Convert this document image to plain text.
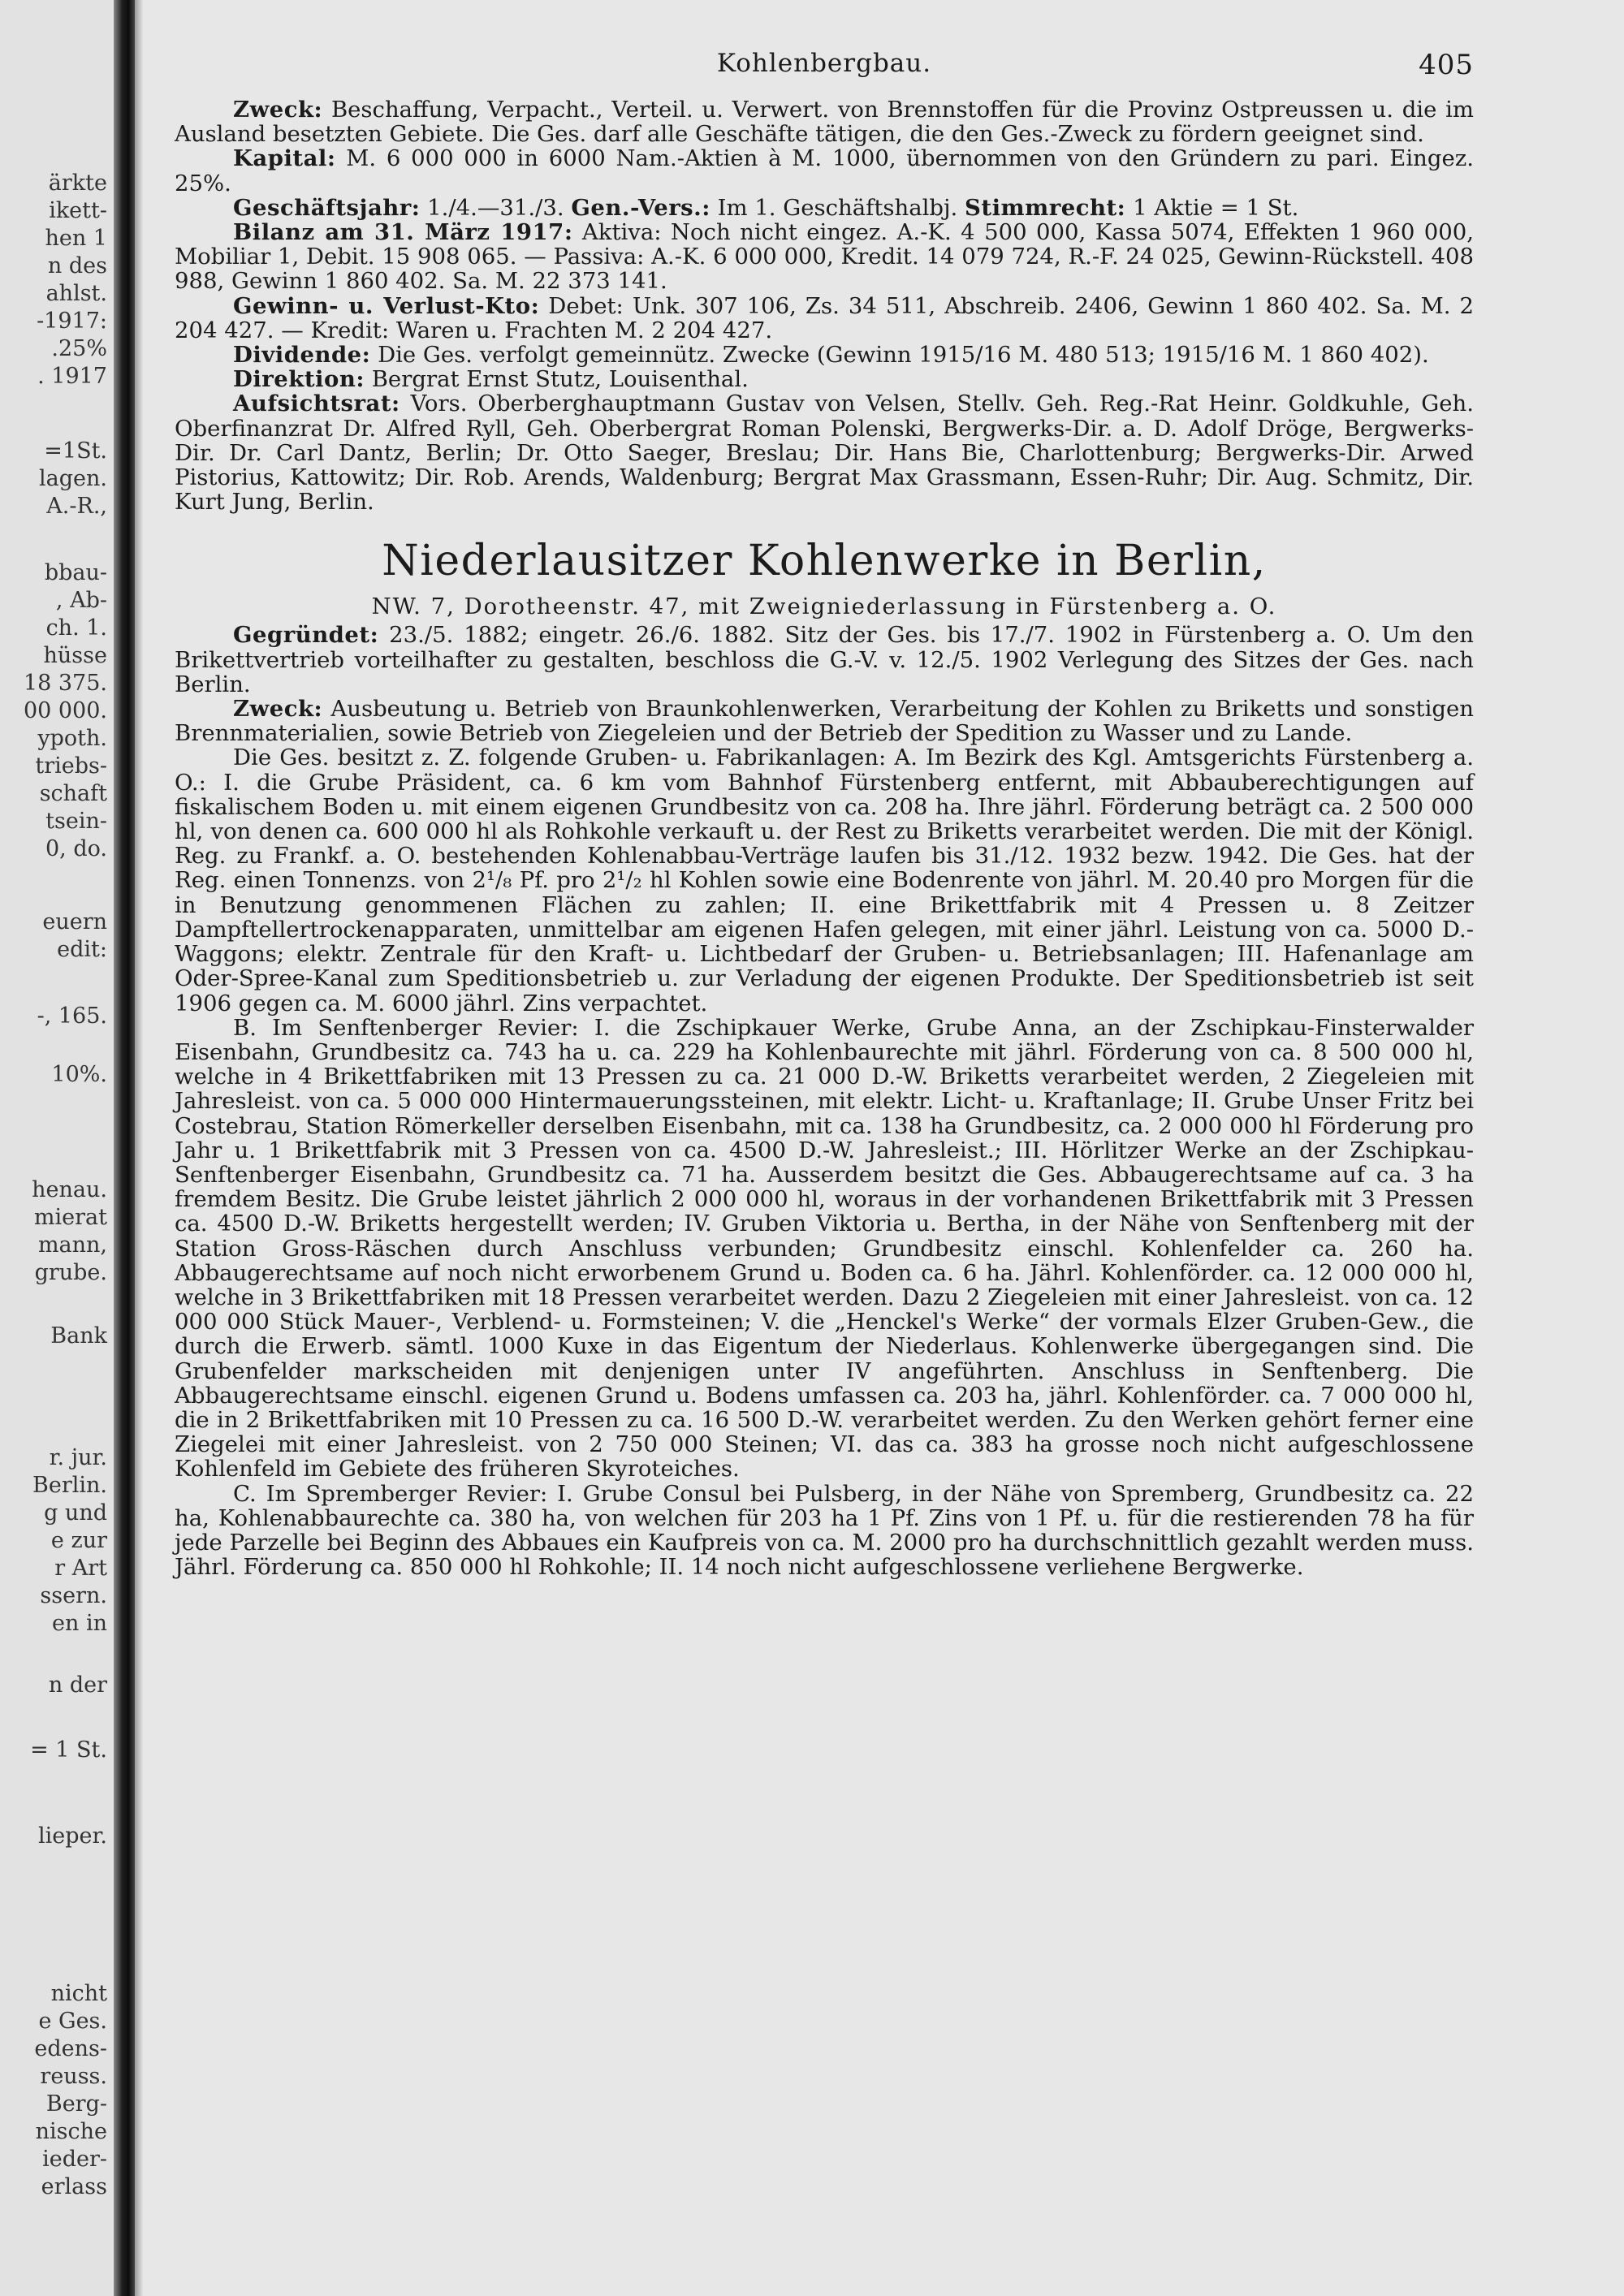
ärkte
ikett-
hen 1
n des
ahlst.
-1917:
.25%
. 1917
=1St.
lagen.
A.-R.,
bbau-
, Ab-
ch. 1.
hüsse
18 375.
00 000.
ypoth.
triebs-
schaft
tsein-
0, do.
euern
edit:
-, 165.
10%.
henau.
mierat
mann,
grube.
Bank
r. jur.
Berlin.
g und
e zur
r Art
ssern.
en in
n der
= 1 St.
lieper.
nicht
e Ges.
edens-
reuss.
Berg-
nische
ieder-
erlass
Kohlenbergbau.	405

Zweck: Beschaffung, Verpacht., Verteil. u. Verwert. von Brennstoffen für die Provinz Ostpreussen u. die im Ausland besetzten Gebiete. Die Ges. darf alle Geschäfte tätigen, die den Ges.-Zweck zu fördern geeignet sind.

Kapital: M. 6 000 000 in 6000 Nam.-Aktien à M. 1000, übernommen von den Gründern zu pari. Eingez. 25%.

Geschäftsjahr: 1./4.—31./3. Gen.-Vers.: Im 1. Geschäftshalbj. Stimmrecht: 1 Aktie = 1 St.

Bilanz am 31. März 1917: Aktiva: Noch nicht eingez. A.-K. 4 500 000, Kassa 5074, Effekten 1 960 000, Mobiliar 1, Debit. 15 908 065. — Passiva: A.-K. 6 000 000, Kredit. 14 079 724, R.-F. 24 025, Gewinn-Rückstell. 408 988, Gewinn 1 860 402. Sa. M. 22 373 141.

Gewinn- u. Verlust-Kto: Debet: Unk. 307 106, Zs. 34 511, Abschreib. 2406, Gewinn 1 860 402. Sa. M. 2 204 427. — Kredit: Waren u. Frachten M. 2 204 427.

Dividende: Die Ges. verfolgt gemeinnütz. Zwecke (Gewinn 1915/16 M. 480 513; 1915/16 M. 1 860 402).

Direktion: Bergrat Ernst Stutz, Louisenthal.

Aufsichtsrat: Vors. Oberberghauptmann Gustav von Velsen, Stellv. Geh. Reg.-Rat Heinr. Goldkuhle, Geh. Oberfinanzrat Dr. Alfred Ryll, Geh. Oberbergrat Roman Polenski, Bergwerks-Dir. a. D. Adolf Dröge, Bergwerks-Dir. Dr. Carl Dantz, Berlin; Dr. Otto Saeger, Breslau; Dir. Hans Bie, Charlottenburg; Bergwerks-Dir. Arwed Pistorius, Kattowitz; Dir. Rob. Arends, Waldenburg; Bergrat Max Grassmann, Essen-Ruhr; Dir. Aug. Schmitz, Dir. Kurt Jung, Berlin.

Niederlausitzer Kohlenwerke in Berlin,
NW. 7, Dorotheenstr. 47, mit Zweigniederlassung in Fürstenberg a. O.

Gegründet: 23./5. 1882; eingetr. 26./6. 1882. Sitz der Ges. bis 17./7. 1902 in Fürstenberg a. O. Um den Brikettvertrieb vorteilhafter zu gestalten, beschloss die G.-V. v. 12./5. 1902 Verlegung des Sitzes der Ges. nach Berlin.

Zweck: Ausbeutung u. Betrieb von Braunkohlenwerken, Verarbeitung der Kohlen zu Briketts und sonstigen Brennmaterialien, sowie Betrieb von Ziegeleien und der Betrieb der Spedition zu Wasser und zu Lande.

Die Ges. besitzt z. Z. folgende Gruben- u. Fabrikanlagen: A. Im Bezirk des Kgl. Amtsgerichts Fürstenberg a. O.: I. die Grube Präsident, ca. 6 km vom Bahnhof Fürstenberg entfernt, mit Abbauberechtigungen auf fiskalischem Boden u. mit einem eigenen Grundbesitz von ca. 208 ha. Ihre jährl. Förderung beträgt ca. 2 500 000 hl, von denen ca. 600 000 hl als Rohkohle verkauft u. der Rest zu Briketts verarbeitet werden. Die mit der Königl. Reg. zu Frankf. a. O. bestehenden Kohlenabbau-Verträge laufen bis 31./12. 1932 bezw. 1942. Die Ges. hat der Reg. einen Tonnenzs. von 2¹/₈ Pf. pro 2¹/₂ hl Kohlen sowie eine Bodenrente von jährl. M. 20.40 pro Morgen für die in Benutzung genommenen Flächen zu zahlen; II. eine Brikettfabrik mit 4 Pressen u. 8 Zeitzer Dampftellertrockenapparaten, unmittelbar am eigenen Hafen gelegen, mit einer jährl. Leistung von ca. 5000 D.-Waggons; elektr. Zentrale für den Kraft- u. Lichtbedarf der Gruben- u. Betriebsanlagen; III. Hafenanlage am Oder-Spree-Kanal zum Speditionsbetrieb u. zur Verladung der eigenen Produkte. Der Speditionsbetrieb ist seit 1906 gegen ca. M. 6000 jährl. Zins verpachtet.

B. Im Senftenberger Revier: I. die Zschipkauer Werke, Grube Anna, an der Zschipkau-Finsterwalder Eisenbahn, Grundbesitz ca. 743 ha u. ca. 229 ha Kohlenbaurechte mit jährl. Förderung von ca. 8 500 000 hl, welche in 4 Brikettfabriken mit 13 Pressen zu ca. 21 000 D.-W. Briketts verarbeitet werden, 2 Ziegeleien mit Jahresleist. von ca. 5 000 000 Hintermauerungssteinen, mit elektr. Licht- u. Kraftanlage; II. Grube Unser Fritz bei Costebrau, Station Römerkeller derselben Eisenbahn, mit ca. 138 ha Grundbesitz, ca. 2 000 000 hl Förderung pro Jahr u. 1 Brikettfabrik mit 3 Pressen von ca. 4500 D.-W. Jahresleist.; III. Hörlitzer Werke an der Zschipkau-Senftenberger Eisenbahn, Grundbesitz ca. 71 ha. Ausserdem besitzt die Ges. Abbaugerechtsame auf ca. 3 ha fremdem Besitz. Die Grube leistet jährlich 2 000 000 hl, woraus in der vorhandenen Brikettfabrik mit 3 Pressen ca. 4500 D.-W. Briketts hergestellt werden; IV. Gruben Viktoria u. Bertha, in der Nähe von Senftenberg mit der Station Gross-Räschen durch Anschluss verbunden; Grundbesitz einschl. Kohlenfelder ca. 260 ha. Abbaugerechtsame auf noch nicht erworbenem Grund u. Boden ca. 6 ha. Jährl. Kohlenförder. ca. 12 000 000 hl, welche in 3 Brikettfabriken mit 18 Pressen verarbeitet werden. Dazu 2 Ziegeleien mit einer Jahresleist. von ca. 12 000 000 Stück Mauer-, Verblend- u. Formsteinen; V. die „Henckel's Werke“ der vormals Elzer Gruben-Gew., die durch die Erwerb. sämtl. 1000 Kuxe in das Eigentum der Niederlaus. Kohlenwerke übergegangen sind. Die Grubenfelder markscheiden mit denjenigen unter IV angeführten. Anschluss in Senftenberg. Die Abbaugerechtsame einschl. eigenen Grund u. Bodens umfassen ca. 203 ha, jährl. Kohlenförder. ca. 7 000 000 hl, die in 2 Brikettfabriken mit 10 Pressen zu ca. 16 500 D.-W. verarbeitet werden. Zu den Werken gehört ferner eine Ziegelei mit einer Jahresleist. von 2 750 000 Steinen; VI. das ca. 383 ha grosse noch nicht aufgeschlossene Kohlenfeld im Gebiete des früheren Skyroteiches.

C. Im Spremberger Revier: I. Grube Consul bei Pulsberg, in der Nähe von Spremberg, Grundbesitz ca. 22 ha, Kohlenabbaurechte ca. 380 ha, von welchen für 203 ha 1 Pf. Zins von 1 Pf. u. für die restierenden 78 ha für jede Parzelle bei Beginn des Abbaues ein Kaufpreis von ca. M. 2000 pro ha durchschnittlich gezahlt werden muss. Jährl. Förderung ca. 850 000 hl Rohkohle; II. 14 noch nicht aufgeschlossene verliehene Bergwerke.
